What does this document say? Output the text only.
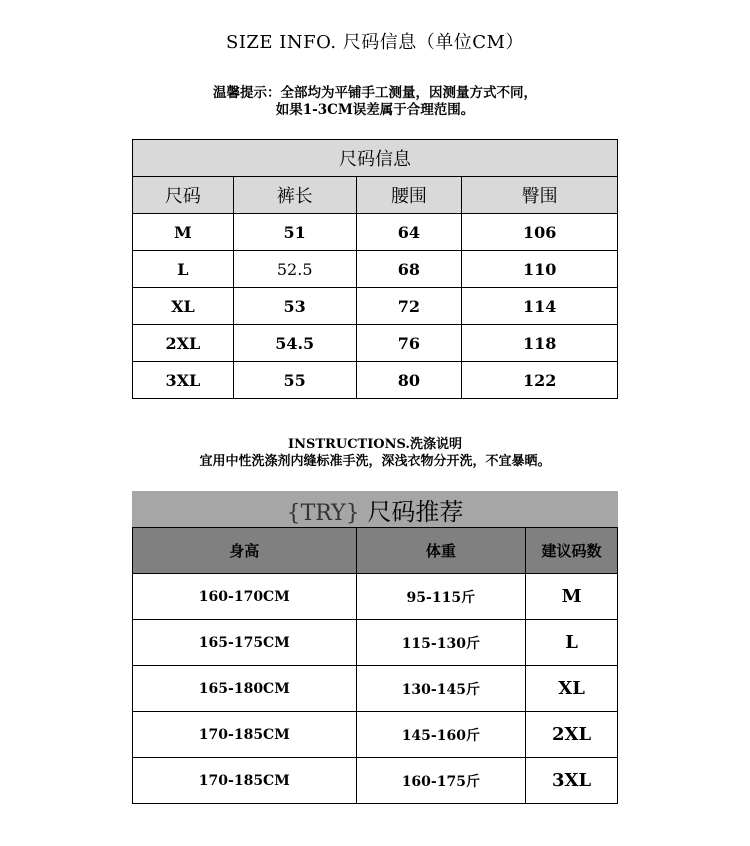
SIZE INFO. 尺码信息（单位CM）
温馨提示：全部均为平铺手工测量，因测量方式不同，
如果1-3CM误差属于合理范围。
尺码信息			
尺码	裤长	腰围	臀围
M	51	64	106
L	52.5	68	110
XL	53	72	114
2XL	54.5	76	118
3XL	55	80	122
INSTRUCTIONS.洗涤说明
宜用中性洗涤剂内缝标准手洗，深浅衣物分开洗，不宜暴晒。
{TRY} 尺码推荐		
身高	体重	建议码数
160-170CM	95-115斤	M
165-175CM	115-130斤	L
165-180CM	130-145斤	XL
170-185CM	145-160斤	2XL
170-185CM	160-175斤	3XL
